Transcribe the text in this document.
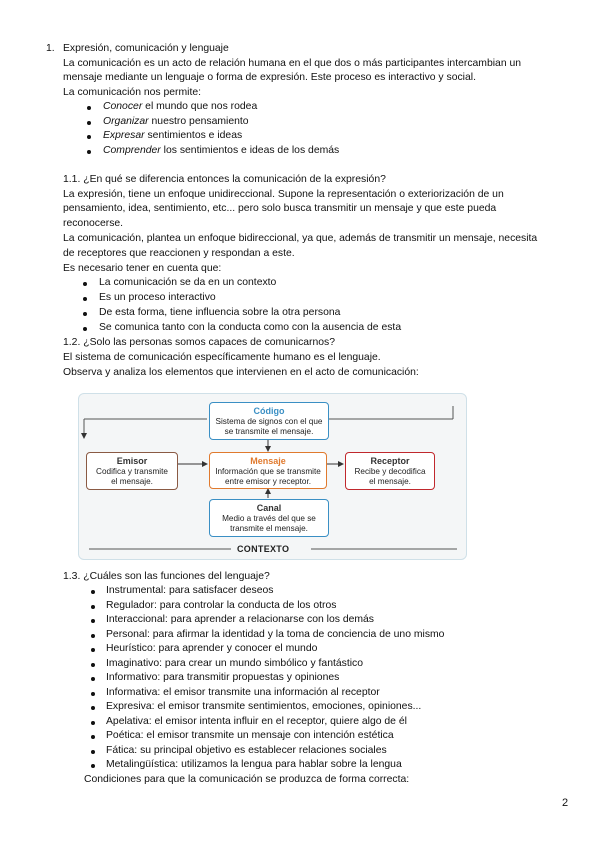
1. Expresión, comunicación y lenguaje
La comunicación es un acto de relación humana en el que dos o más participantes intercambian un
mensaje mediante un lenguaje o forma de expresión. Este proceso es interactivo y social.
La comunicación nos permite:
Conocer el mundo que nos rodea
Organizar nuestro pensamiento
Expresar sentimientos e ideas
Comprender los sentimientos e ideas de los demás
1.1. ¿En qué se diferencia entonces la comunicación de la expresión?
La expresión, tiene un enfoque unidireccional. Supone la representación o exteriorización de un
pensamiento, idea, sentimiento, etc... pero solo busca transmitir un mensaje y que este pueda
reconocerse.
La comunicación, plantea un enfoque bidireccional, ya que, además de transmitir un mensaje, necesita
de receptores que reaccionen y respondan a este.
Es necesario tener en cuenta que:
La comunicación se da en un contexto
Es un proceso interactivo
De esta forma, tiene influencia sobre la otra persona
Se comunica tanto con la conducta como con la ausencia de esta
1.2. ¿Solo las personas somos capaces de comunicarnos?
El sistema de comunicación específicamente humano es el lenguaje.
Observa y analiza los elementos que intervienen en el acto de comunicación:
Código
Sistema de signos con el que
se transmite el mensaje.
Emisor
Codifica y transmite
el mensaje.
Mensaje
Información que se transmite
entre emisor y receptor.
Receptor
Recibe y decodifica
el mensaje.
Canal
Medio a través del que se
transmite el mensaje.
CONTEXTO
1.3. ¿Cuáles son las funciones del lenguaje?
Instrumental: para satisfacer deseos
Regulador: para controlar la conducta de los otros
Interaccional: para aprender a relacionarse con los demás
Personal: para afirmar la identidad y la toma de conciencia de uno mismo
Heurístico: para aprender y conocer el mundo
Imaginativo: para crear un mundo simbólico y fantástico
Informativo: para transmitir propuestas y opiniones
Informativa: el emisor transmite una información al receptor
Expresiva: el emisor transmite sentimientos, emociones, opiniones...
Apelativa: el emisor intenta influir en el receptor, quiere algo de él
Poética: el emisor transmite un mensaje con intención estética
Fática: su principal objetivo es establecer relaciones sociales
Metalingüística: utilizamos la lengua para hablar sobre la lengua
Condiciones para que la comunicación se produzca de forma correcta:
2
